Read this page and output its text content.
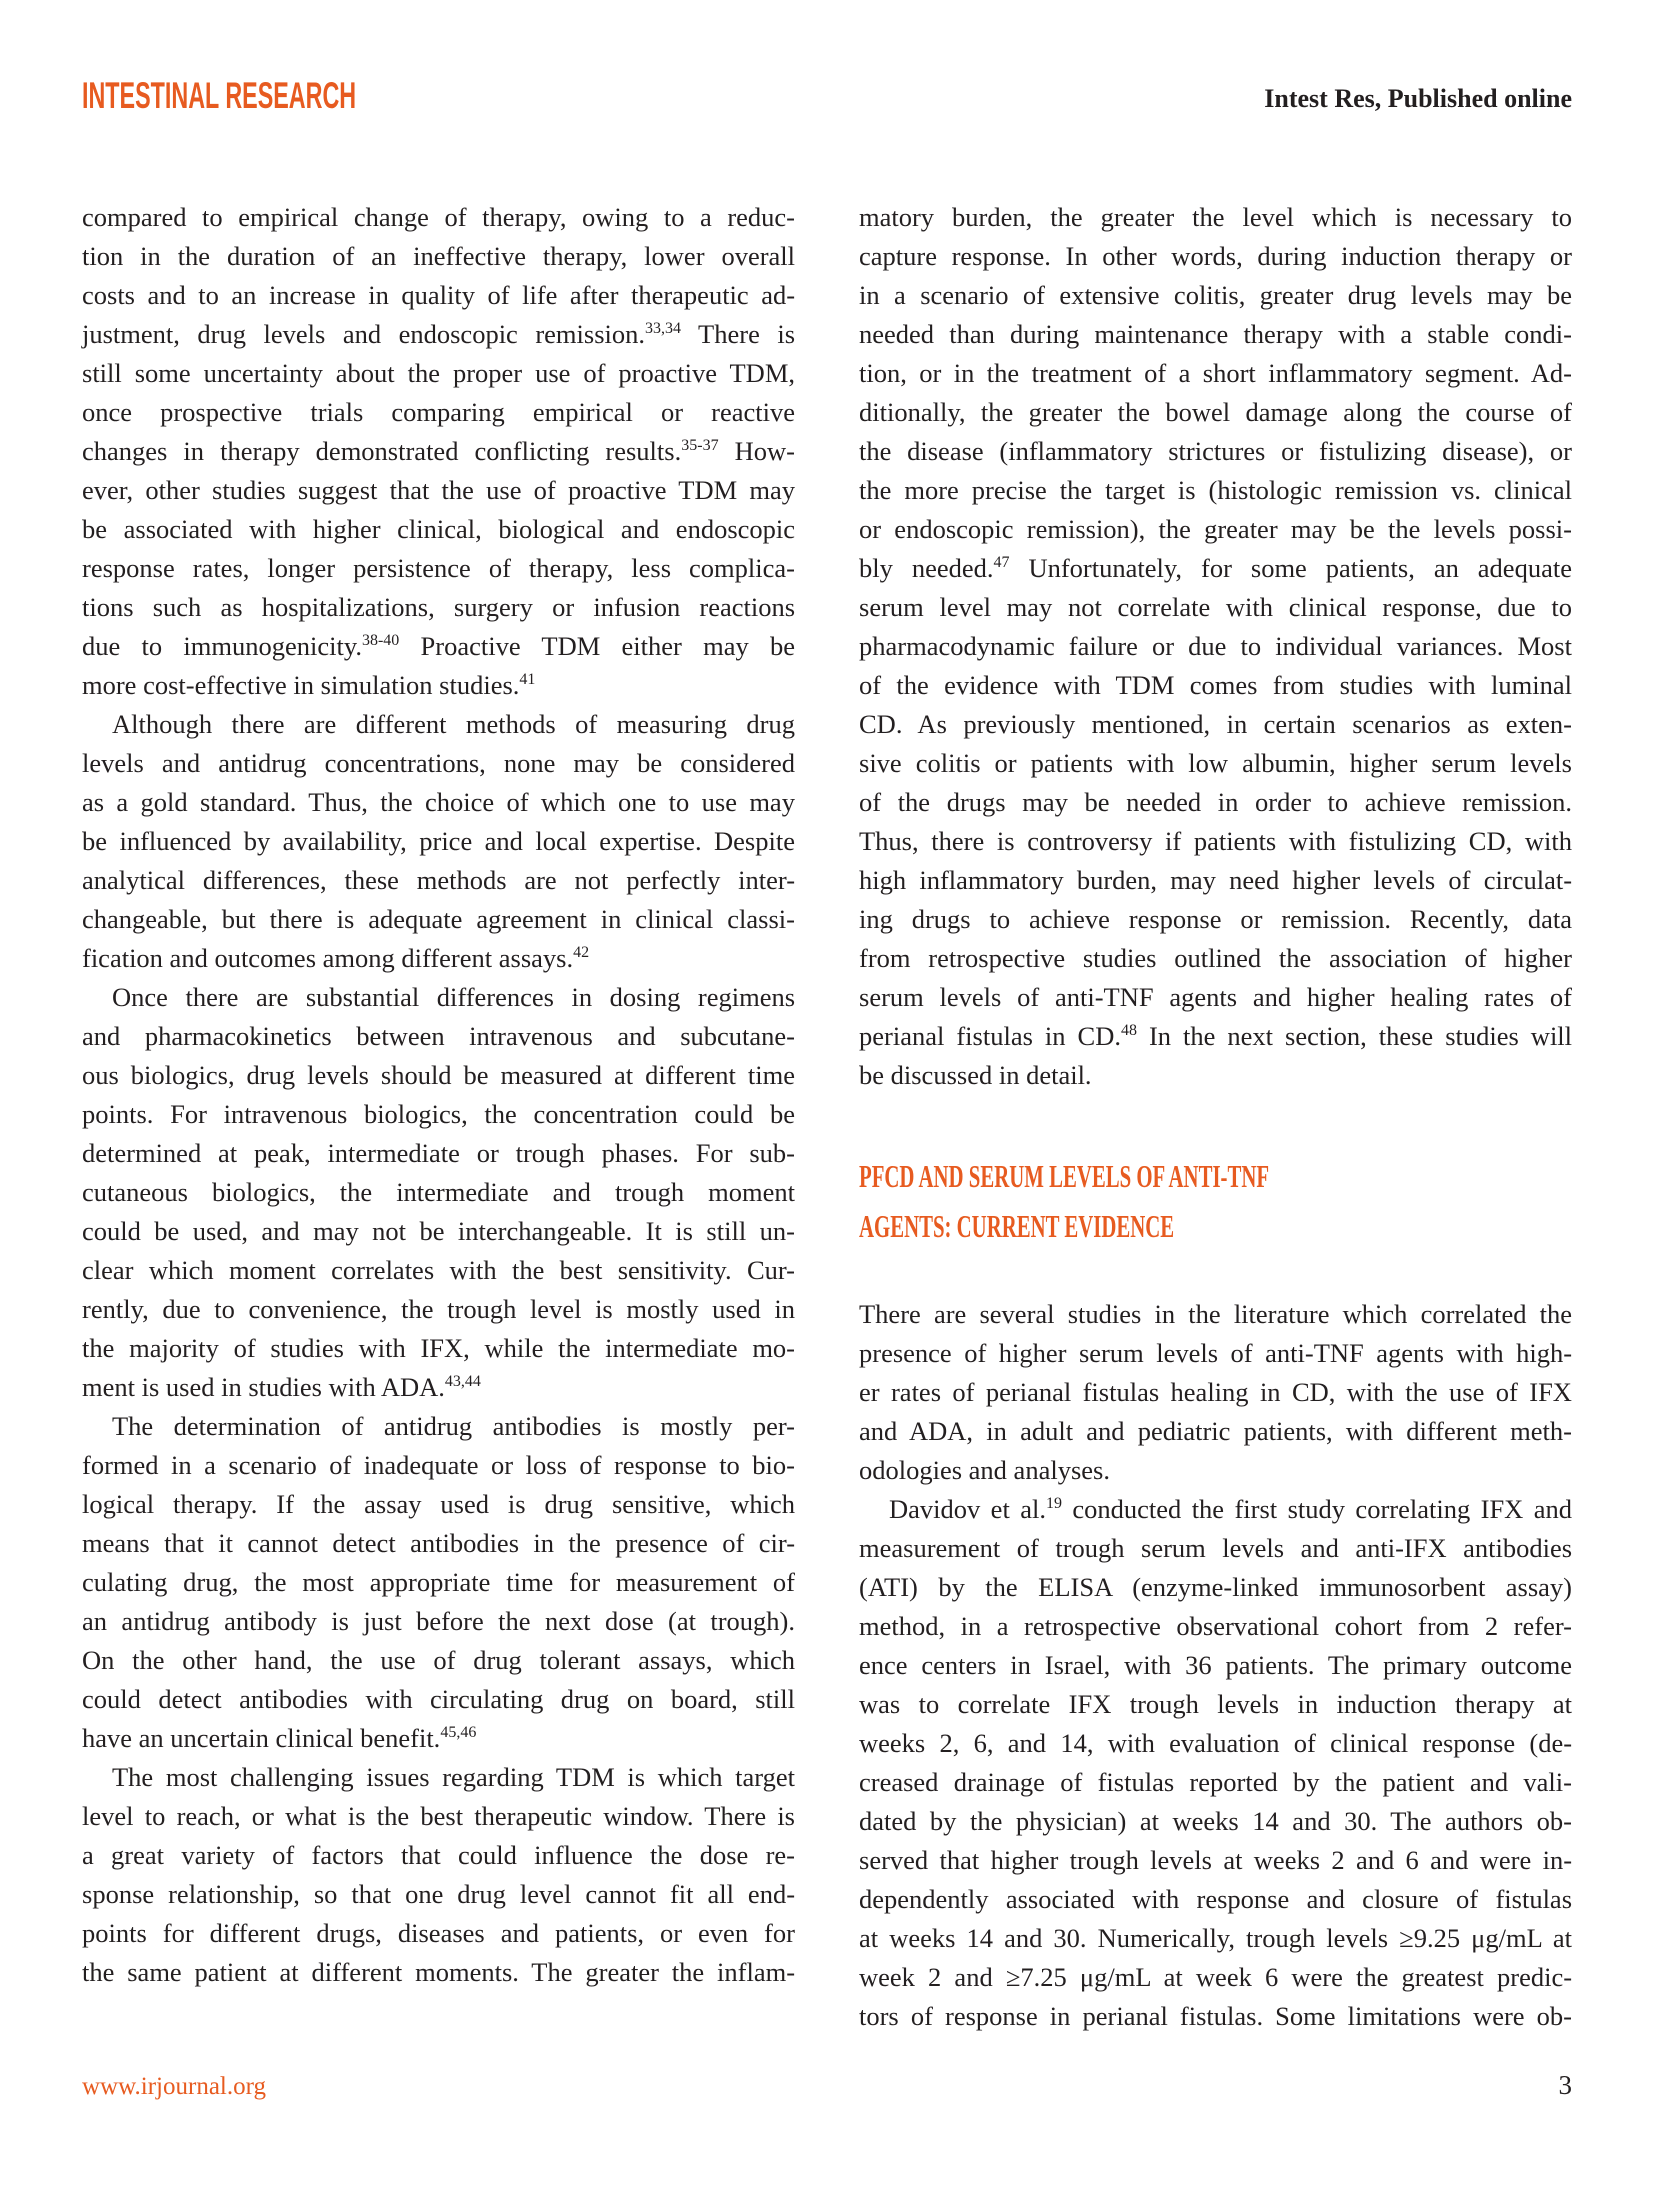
INTESTINAL RESEARCH	Intest Res, Published online
compared to empirical change of therapy, owing to a reduc-
tion in the duration of an ineffective therapy, lower overall
costs and to an increase in quality of life after therapeutic ad-
justment, drug levels and endoscopic remission.$^{33,34}$ There is
still some uncertainty about the proper use of proactive TDM,
once prospective trials comparing empirical or reactive
changes in therapy demonstrated conflicting results.$^{35-37}$ How-
ever, other studies suggest that the use of proactive TDM may
be associated with higher clinical, biological and endoscopic
response rates, longer persistence of therapy, less complica-
tions such as hospitalizations, surgery or infusion reactions
due to immunogenicity.$^{38-40}$ Proactive TDM either may be
more cost-effective in simulation studies.$^{41}$
Although there are different methods of measuring drug
levels and antidrug concentrations, none may be considered
as a gold standard. Thus, the choice of which one to use may
be influenced by availability, price and local expertise. Despite
analytical differences, these methods are not perfectly inter-
changeable, but there is adequate agreement in clinical classi-
fication and outcomes among different assays.$^{42}$
Once there are substantial differences in dosing regimens
and pharmacokinetics between intravenous and subcutane-
ous biologics, drug levels should be measured at different time
points. For intravenous biologics, the concentration could be
determined at peak, intermediate or trough phases. For sub-
cutaneous biologics, the intermediate and trough moment
could be used, and may not be interchangeable. It is still un-
clear which moment correlates with the best sensitivity. Cur-
rently, due to convenience, the trough level is mostly used in
the majority of studies with IFX, while the intermediate mo-
ment is used in studies with ADA.$^{43,44}$
The determination of antidrug antibodies is mostly per-
formed in a scenario of inadequate or loss of response to bio-
logical therapy. If the assay used is drug sensitive, which
means that it cannot detect antibodies in the presence of cir-
culating drug, the most appropriate time for measurement of
an antidrug antibody is just before the next dose (at trough).
On the other hand, the use of drug tolerant assays, which
could detect antibodies with circulating drug on board, still
have an uncertain clinical benefit.$^{45,46}$
The most challenging issues regarding TDM is which target
level to reach, or what is the best therapeutic window. There is
a great variety of factors that could influence the dose re-
sponse relationship, so that one drug level cannot fit all end-
points for different drugs, diseases and patients, or even for
the same patient at different moments. The greater the inflam-
matory burden, the greater the level which is necessary to
capture response. In other words, during induction therapy or
in a scenario of extensive colitis, greater drug levels may be
needed than during maintenance therapy with a stable condi-
tion, or in the treatment of a short inflammatory segment. Ad-
ditionally, the greater the bowel damage along the course of
the disease (inflammatory strictures or fistulizing disease), or
the more precise the target is (histologic remission vs. clinical
or endoscopic remission), the greater may be the levels possi-
bly needed.$^{47}$ Unfortunately, for some patients, an adequate
serum level may not correlate with clinical response, due to
pharmacodynamic failure or due to individual variances. Most
of the evidence with TDM comes from studies with luminal
CD. As previously mentioned, in certain scenarios as exten-
sive colitis or patients with low albumin, higher serum levels
of the drugs may be needed in order to achieve remission.
Thus, there is controversy if patients with fistulizing CD, with
high inflammatory burden, may need higher levels of circulat-
ing drugs to achieve response or remission. Recently, data
from retrospective studies outlined the association of higher
serum levels of anti-TNF agents and higher healing rates of
perianal fistulas in CD.$^{48}$ In the next section, these studies will
be discussed in detail.
PFCD AND SERUM LEVELS OF ANTI-TNF
AGENTS: CURRENT EVIDENCE
There are several studies in the literature which correlated the
presence of higher serum levels of anti-TNF agents with high-
er rates of perianal fistulas healing in CD, with the use of IFX
and ADA, in adult and pediatric patients, with different meth-
odologies and analyses.
Davidov et al.$^{19}$ conducted the first study correlating IFX and
measurement of trough serum levels and anti-IFX antibodies
(ATI) by the ELISA (enzyme-linked immunosorbent assay)
method, in a retrospective observational cohort from 2 refer-
ence centers in Israel, with 36 patients. The primary outcome
was to correlate IFX trough levels in induction therapy at
weeks 2, 6, and 14, with evaluation of clinical response (de-
creased drainage of fistulas reported by the patient and vali-
dated by the physician) at weeks 14 and 30. The authors ob-
served that higher trough levels at weeks 2 and 6 and were in-
dependently associated with response and closure of fistulas
at weeks 14 and 30. Numerically, trough levels ≥9.25 μg/mL at
week 2 and ≥7.25 μg/mL at week 6 were the greatest predic-
tors of response in perianal fistulas. Some limitations were ob-
www.irjournal.org	3
